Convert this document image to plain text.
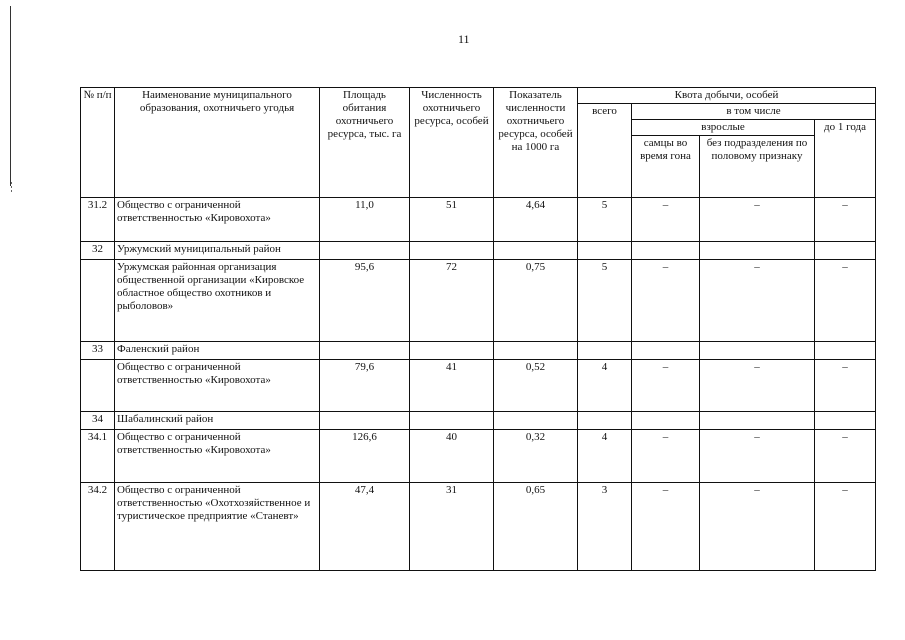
11
№ п/п	Наименование муниципального образования, охотничьего угодья	Площадь обитания охотничьего ресурса, тыс. га	Численность охотничьего ресурса, особей	Показатель численности охотничьего ресурса, особей на 1000 га	Квота добычи, особей			
					всего	в том числе		
						взрослые		до 1 года
						самцы во время гона	без подразделения по половому признаку	
31.2	Общество с ограниченной ответственностью «Кировохота»	11,0	51	4,64	5	–	–	–
32	Уржумский муниципальный район							
	Уржумская районная организация общественной организации «Кировское областное общество охотников и рыболовов»	95,6	72	0,75	5	–	–	–
33	Фаленский район							
	Общество с ограниченной ответственностью «Кировохота»	79,6	41	0,52	4	–	–	–
34	Шабалинский район							
34.1	Общество с ограниченной ответственностью «Кировохота»	126,6	40	0,32	4	–	–	–
34.2	Общество с ограниченной ответственностью «Охотхозяйственное и туристическое предприятие «Станевт»	47,4	31	0,65	3	–	–	–
